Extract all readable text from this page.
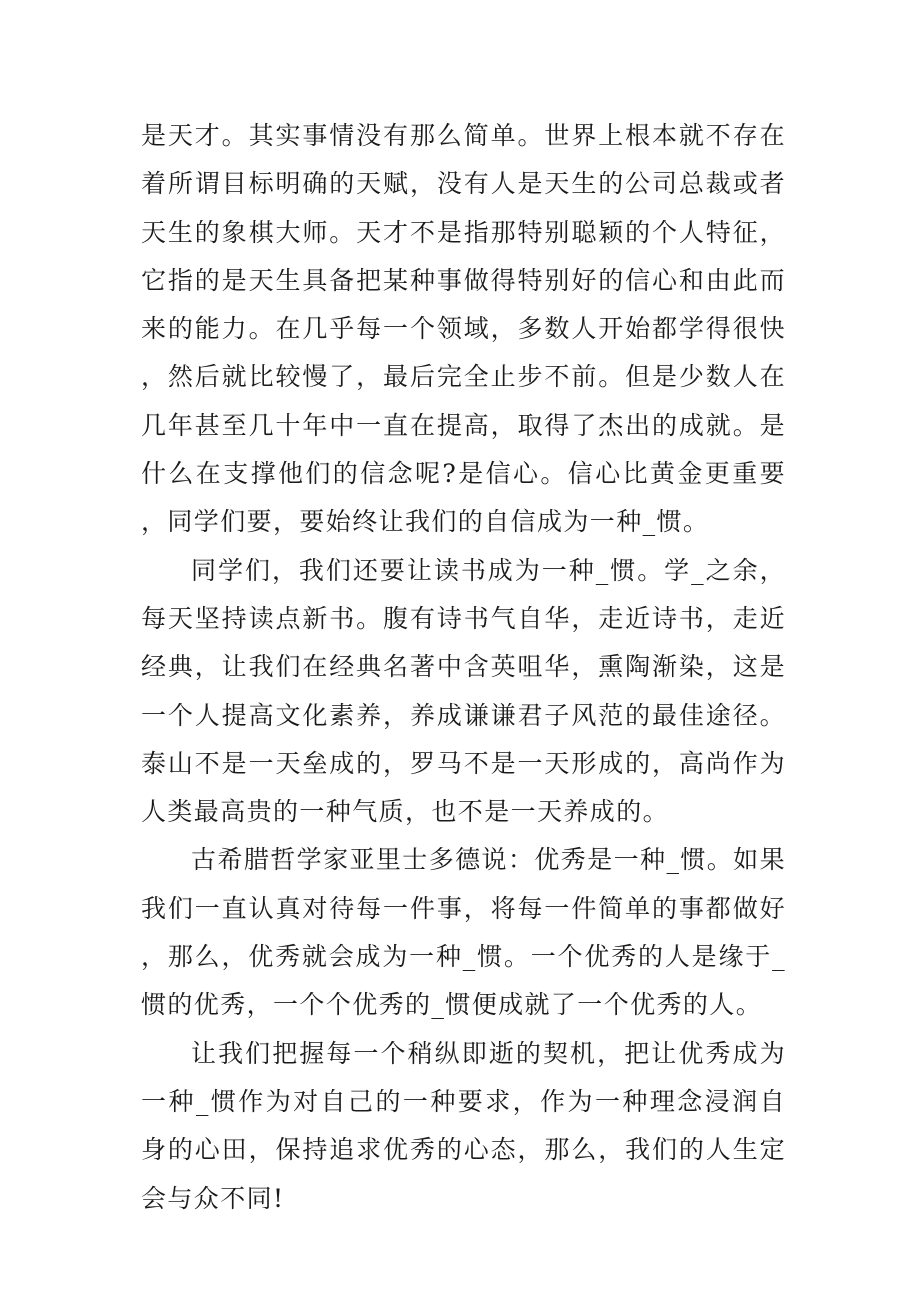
是天才。其实事情没有那么简单。世界上根本就不存在着所谓目标明确的天赋，没有人是天生的公司总裁或者天生的象棋大师。天才不是指那特别聪颖的个人特征，它指的是天生具备把某种事做得特别好的信心和由此而来的能力。在几乎每一个领域，多数人开始都学得很快，然后就比较慢了，最后完全止步不前。但是少数人在几年甚至几十年中一直在提高，取得了杰出的成就。是什么在支撑他们的信念呢?是信心。信心比黄金更重要，同学们要，要始终让我们的自信成为一种_惯。

同学们，我们还要让读书成为一种_惯。学_之余，每天坚持读点新书。腹有诗书气自华，走近诗书，走近经典，让我们在经典名著中含英咀华，熏陶渐染，这是一个人提高文化素养，养成谦谦君子风范的最佳途径。泰山不是一天垒成的，罗马不是一天形成的，高尚作为人类最高贵的一种气质，也不是一天养成的。

古希腊哲学家亚里士多德说：优秀是一种_惯。如果我们一直认真对待每一件事，将每一件简单的事都做好，那么，优秀就会成为一种_惯。一个优秀的人是缘于_惯的优秀，一个个优秀的_惯便成就了一个优秀的人。

让我们把握每一个稍纵即逝的契机，把让优秀成为一种_惯作为对自己的一种要求，作为一种理念浸润自身的心田，保持追求优秀的心态，那么，我们的人生定会与众不同!
